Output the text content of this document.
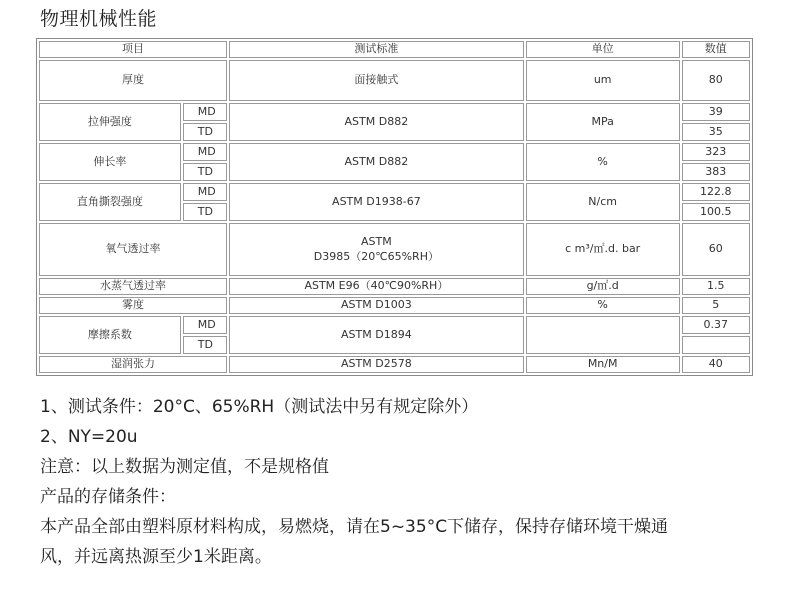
物理机械性能
项目		测试标准	单位	数值
厚度		面接触式	um	80
拉伸强度	MD	ASTM D882	MPa	39
	TD			35
伸长率	MD	ASTM D882	%	323
	TD			383
直角撕裂强度	MD	ASTM D1938-67	N/cm	122.8
	TD			100.5
氧气透过率		ASTM
D3985（20℃65%RH）	c m³/㎡.d. bar	60
水蒸气透过率		ASTM E96（40℃90%RH）	g/㎡.d	1.5
雾度		ASTM D1003	%	5
摩擦系数	MD	ASTM D1894		0.37
	TD			
湿润张力		ASTM D2578	Mn/M	40
1、测试条件：20°C、65%RH（测试法中另有规定除外）
2、NY=20u
注意：以上数据为测定值，不是规格值
产品的存储条件：
本产品全部由塑料原材料构成，易燃烧，请在5~35°C下储存，保持存储环境干燥通风，并远离热源至少1米距离。
